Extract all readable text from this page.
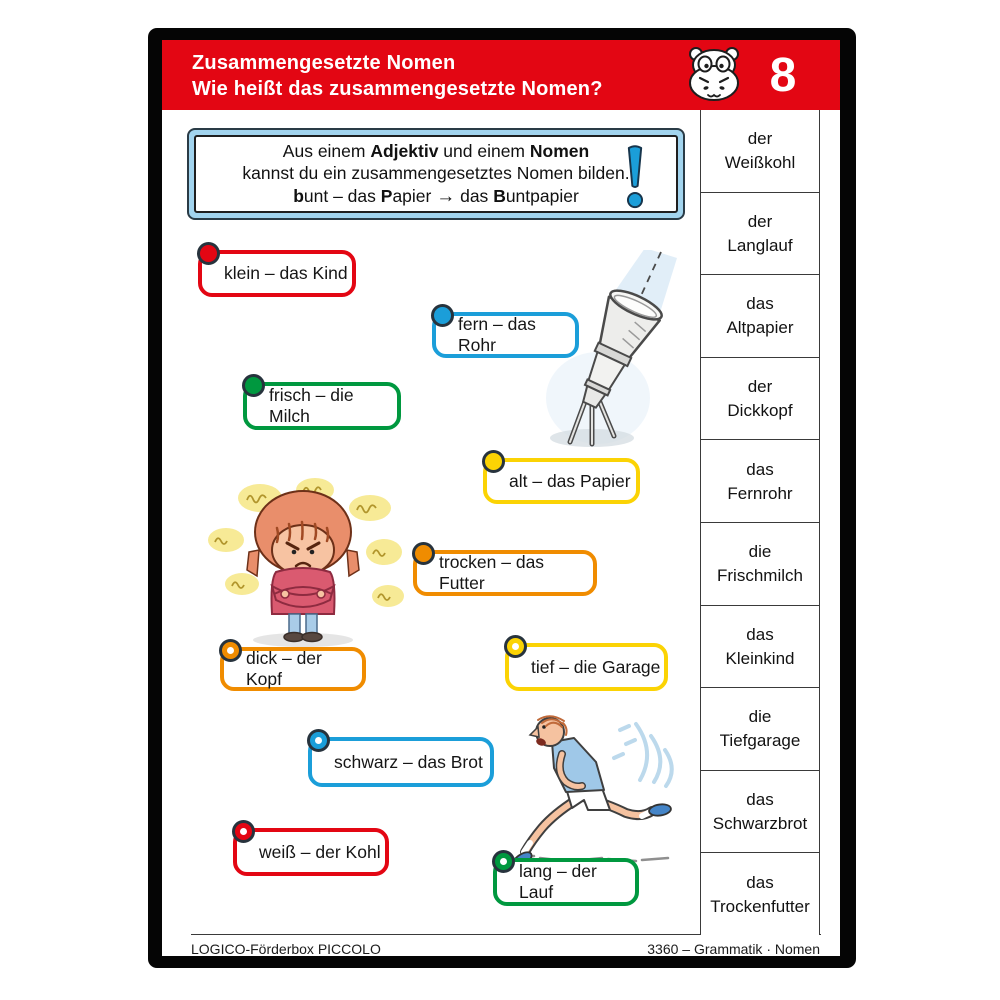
Zusammengesetzte Nomen
Wie heißt das zusammengesetzte Nomen?	8
Aus einem Adjektiv und einem Nomen
kannst du ein zusammengesetztes Nomen bilden.
bunt – das Papier → das Buntpapier
klein – das Kind
fern – das Rohr
frisch – die Milch
alt – das Papier
trocken – das Futter
dick – der Kopf
tief – die Garage
schwarz – das Brot
weiß – der Kohl
lang – der Lauf
der
Weißkohl
der
Langlauf
das
Altpapier
der
Dickkopf
das
Fernrohr
die
Frischmilch
das
Kleinkind
die
Tiefgarage
das
Schwarzbrot
das
Trockenfutter
LOGICO-Förderbox PICCOLO	3360 – Grammatik · Nomen
